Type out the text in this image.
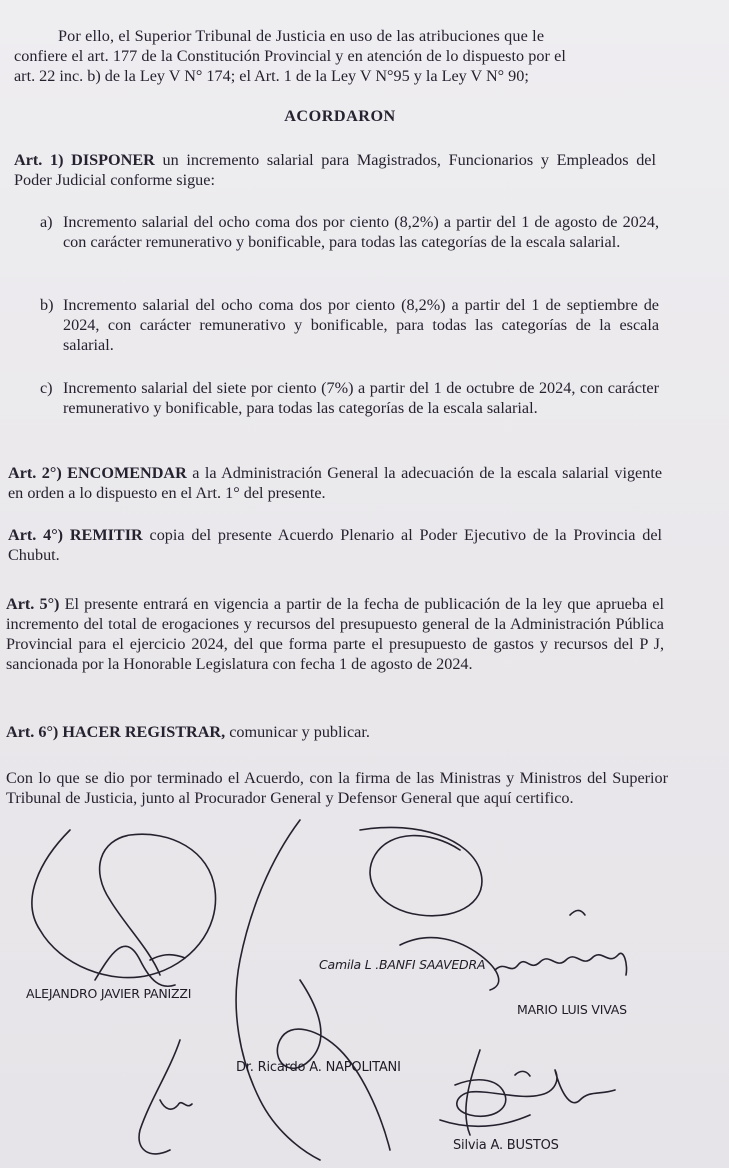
Por ello, el Superior Tribunal de Justicia en uso de las atribuciones que le

confiere el art. 177 de la Constitución Provincial y en atención de lo dispuesto por el

art. 22 inc. b) de la Ley V N° 174; el Art. 1 de la Ley V N°95 y la Ley V N° 90;

ACORDARON

Art. 1) DISPONER un incremento salarial para Magistrados, Funcionarios y Empleados del Poder Judicial conforme sigue:

a) Incremento salarial del ocho coma dos por ciento (8,2%) a partir del 1 de agosto de 2024, con carácter remunerativo y bonificable, para todas las categorías de la escala salarial.

b) Incremento salarial del ocho coma dos por ciento (8,2%) a partir del 1 de septiembre de 2024, con carácter remunerativo y bonificable, para todas las categorías de la escala salarial.

c) Incremento salarial del siete por ciento (7%) a partir del 1 de octubre de 2024, con carácter remunerativo y bonificable, para todas las categorías de la escala salarial.

Art. 2°) ENCOMENDAR a la Administración General la adecuación de la escala salarial vigente en orden a lo dispuesto en el Art. 1° del presente.

Art. 4°) REMITIR copia del presente Acuerdo Plenario al Poder Ejecutivo de la Provincia del Chubut.

Art. 5°) El presente entrará en vigencia a partir de la fecha de publicación de la ley que aprueba el incremento del total de erogaciones y recursos del presupuesto general de la Administración Pública Provincial para el ejercicio 2024, del que forma parte el presupuesto de gastos y recursos del P J, sancionada por la Honorable Legislatura con fecha 1 de agosto de 2024.

Art. 6°) HACER REGISTRAR, comunicar y publicar.

Con lo que se dio por terminado el Acuerdo, con la firma de las Ministras y Ministros del Superior Tribunal de Justicia, junto al Procurador General y Defensor General que aquí certifico.

Camila L .BANFI SAAVEDRA
ALEJANDRO JAVIER PANIZZI
MARIO LUIS VIVAS
Dr. Ricardo A. NAPOLITANI
Silvia A. BUSTOS
